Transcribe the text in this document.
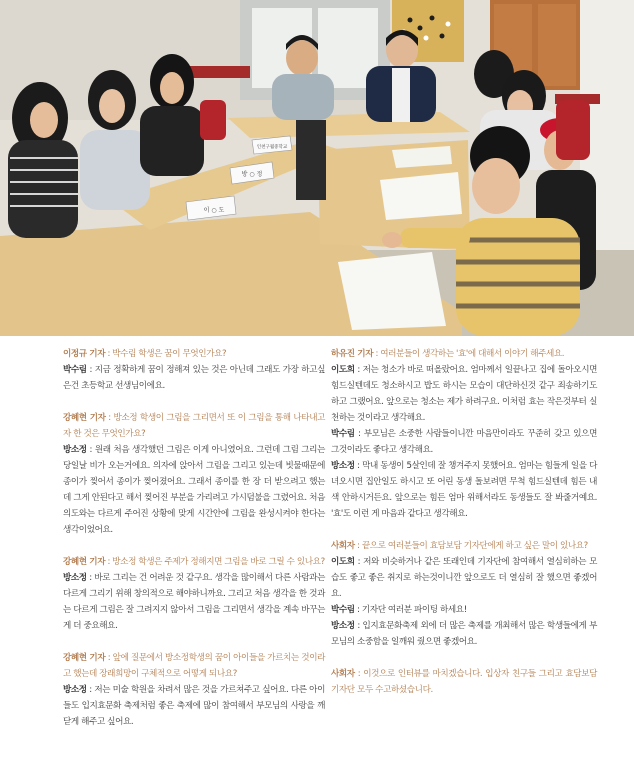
이 ○ 도
방 ○ 정
인천구월중학교
이정규 기자 : 박수림 학생은 꿈이 무엇인가요?
박수림 : 지금 정확하게 꿈이 정해져 있는 것은 아닌데 그래도 가장 하고싶은건 초등학교 선생님이에요.
강혜현 기자 : 방소정 학생이 그림을 그리면서 또 이 그림을 통해 나타내고자 한 것은 무엇인가요?
방소정 : 원래 처음 생각했던 그림은 이게 아니였어요. 그런데 그림 그리는 당일날 비가 오는거에요. 의자에 앉아서 그림을 그리고 있는데 빗물때문에 종이가 찢어서 종이가 찢어졌어요. 그래서 종이를 한 장 더 받으려고 했는데 그게 안된다고 해서 찢어진 부분을 가리려고 가시덤불을 그렸어요. 처음 의도와는 다르게 주어진 상황에 맞게 시간안에 그림을 완성시켜야 한다는 생각이었어요.
강혜현 기자 : 방소정 학생은 주제가 정해지면 그림을 바로 그릴 수 있나요?
방소정 : 바로 그리는 건 어려운 것 같구요. 생각을 많이해서 다른 사람과는 다르게 그리기 위해 창의적으로 해야하니까요. 그리고 처음 생각을 한 것과는 다르게 그림은 잘 그려지지 않아서 그림을 그리면서 생각을 계속 바꾸는게 더 중요해요.
강혜현 기자 : 앞에 질문에서 방소정학생의 꿈이 아이들을 가르치는 것이라고 했는데 장래희망이 구체적으로 어떻게 되나요?
방소정 : 저는 미술 학원을 차려서 많은 것을 가르쳐주고 싶어요. 다른 아이들도 입지효문화 축제처럼 좋은 축제에 많이 참여해서 부모님의 사랑을 깨닫게 해주고 싶어요.
하유진 기자 : 여러분들이 생각하는 '효'에 대해서 이야기 해주세요.
이도희 : 저는 청소가 바로 떠올랐어요. 엄마께서 일끝나고 집에 돌아오시면 힘드실텐데도 청소하시고 밥도 하시는 모습이 대단하신것 같구 죄송하기도 하고 그랬어요. 앞으로는 청소는 제가 하려구요. 이처럼 효는 작은것부터 실천하는 것이라고 생각해요.
박수림 : 부모님은 소중한 사람들이니깐 마음만이라도 꾸준히 갖고 있으면 그것이라도 좋다고 생각해요.
방소정 : 막내 동생이 5살인데 잘 챙겨주지 못했어요. 엄마는 힘들게 일을 다녀오시면 집안일도 하시고 또 어린 동생 돌보려면 무척 힘드실텐데 힘든 내색 안하시거든요. 앞으로는 힘든 엄마 위해서라도 동생들도 잘 봐줄거예요. '효'도 이런 게 마음과 같다고 생각해요.
사회자 : 끝으로 여러분들이 효담보담 기자단에게 하고 싶은 말이 있나요?
이도희 : 저와 비슷하거나 같은 또래인데 기자단에 참여해서 열심히하는 모습도 좋고 좋은 취지로 하는것이니깐 앞으로도 더 열심히 잘 했으면 좋겠어요.
박수림 : 기자단 여러분 파이팅 하세요!
방소정 : 입지효문화축제 외에 더 많은 축제를 개최해서 많은 학생들에게 부모님의 소중함을 일깨워 줬으면 좋겠어요.
사회자 : 이것으로 인터뷰를 마치겠습니다. 입상자 친구들 그리고 효담보담 기자단 모두 수고하셨습니다.
